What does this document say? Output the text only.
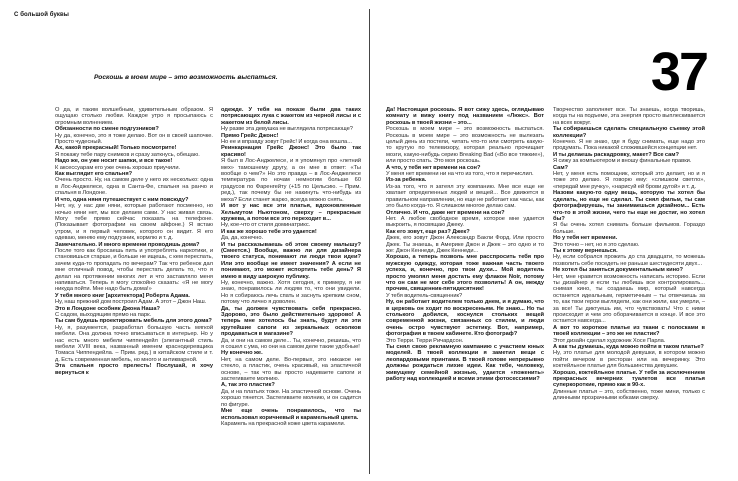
С большой буквы
Роскошь в моем мире – это возможность выспаться.	37

О да, и таким волшебным, удивительным образом. Я ощущаю столько любви. Каждое утро я просыпаюсь с огромным волнением.

Обязанности по смене подгузников?

Ну да, конечно, это я тоже делаю. Вот он в своей шапочке. Просто чудесный.

Ах, какой прекрасный! Только посмотрите!

Я покажу тебе пару снимков и сразу заткнусь, обещаю.

Надо же, он уже носит шапки, и все такое!

К аксессуарам его уже очень хорошо приучили.

Как выглядит его спальня?

Очень просто. Ну, на самом деле у него их несколько: одна в Лос-Анджелесе, одна в Санта-Фе, спальня на ранчо и спальня в Лондоне.

И что, одна няня путешествует с ним повсюду?

Нет, ну, у нас две няни, которые работают посменно, но ночью няни нет, мы все делаем сами. У нас живая связь. Могу тебе прямо сейчас показать на телефоне. (Показывает фотографии на своем айфоне.) Я встаю утром, и я первый человек, которого он видит. Я его одеваю, меняю ему подгузник, кормлю и т. д.

Замечательно. И много времени проводишь дома?

После того как бросаешь пить и употреблять наркотики, и становишься старше, и больше не ищешь, с кем переспать, зачем куда-то пропадать по вечерам? Так что ребенок дал мне отличный повод, чтобы перестать делать то, что я делал на протяжении многих лет и что заставляло меня напиваться. Теперь я могу спокойно сказать: «Я не могу никуда пойти. Мне надо быть дома!»

У тебя много книг [архитектора] Роберта Адама.

Ну, наш прежний дом построил Адам. А этот – Джон Наш.

Это в Лондоне особняк Джона Наша?

С садом, выходящим прямо на парк.

Ты сам будешь проектировать мебель для этого дома?

Ну, я, разумеется, разработал большую часть мягкой мебели. Она должна точно вписываться в интерьер. Но у нас есть много мебели чиппендейл (элегантный стиль мебели XVIII века, названный именем краснодеревщика Томаса Чиппендейла. – Прим. ред.) в китайском стиле и т. д. Есть современная мебель, но много и антикварной.

Эта спальня просто прелесть! Послушай, я хочу вернуться к

одежде. У тебя на показе были два таких потрясающих лука с жакетом из черной лисы и с жакетом из белой лисы.

Ну разве эта девушка не выглядела потрясающе?

Прямо Грейс Джонс!

Но ее и вправду зовут Грейс! И когда она вошла...

Реинкарнация Грейс Джонс! Это было так красиво!

Я был в Лос-Анджелесе, и я упомянул про «летний мех» тамошнему другу, а он мне в ответ: «Ты вообще о чем?» Но это правда – в Лос-Анджелесе температура по ночам немногим больше 60 градусов по Фаренгейту (+15 по Цельсию. – Прим. ред.), так почему бы не накинуть что-нибудь из меха? Если станет жарко, всегда можно снять.

И вот у нас все эти платья, вдохновленные Хельмутом Ньютоном, сверху – прекрасные кружева, а потом все это переходит в...

Ну, кое-что от стиля доминатрикс.

И как же хорошо тебе это удается!

Да, да, конечно.

И ты рассказываешь об этом своему малышу? (Смеется.) Вообще, важно ли для дизайнера твоего статуса, понимают ли люди твои идеи? Или это вообще не имеет значения? А если не понимают, это может испортить тебе день? Я имею в виду широкую публику.

Ну, конечно, важно. Хотя сегодня, к примеру, я не знаю, понравилось ли людям то, что они увидели. Но я собираюсь лечь спать и заснуть крепким сном, потому что лично я доволен.

Да, ты должен чувствовать себя прекрасно. Здорово, это было действительно здорово! А теперь мне хотелось бы знать, будут ли эти крутейшие сапоги из зеркальных осколков продаваться в магазине?

Да, и они на самом деле... Ты, конечно, решишь, что я сошел с ума, но они на самом деле такие удобные!

Ну конечно же.

Нет, на самом деле. Во-первых, это никакое не стекло, а пластик, очень красивый, на эластичной основе, – так что вы просто надеваете сапоги и застегиваете молнию.

А, так это пластик?

Да, и на платьях тоже. На эластичной основе. Очень хорошо тянется. Застегиваете молнию, и он садится по фигуре.

Мне еще очень понравилось, что ты использовал коричневый и карамельный цвета.

Карамель на прекрасной коже цвета карамели.

Да! Настоящая роскошь. Я вот сижу здесь, оглядываю комнату и вижу книгу под названием «Люкс». Вот роскошь в твоей жизни – это...

Роскошь в моем мире – это возможность выспаться. Роскошь в моем мире – это возможность не вылезать целый день из постели, читать что-то или смотреть какую-то крутую по телевизору, которая реально прочищает мозги, какую-нибудь серию Breaking Bad («Во все тяжкие»), или просто спать. Это моя роскошь.

А что, у тебя нет времени на сон?

У меня нет времени ни на что из того, что я перечислил.

Из-за ребенка.

Из-за того, что я затеял эту компанию. Мне все еще не хватает определенных людей и вещей... Все движется в правильном направлении, но еще не работает как часы, как это было когда-то. Я слишком многое делаю сам.

Отлично. И что, даже нет времени на сон?

Нет. А любое свободное время, которое мне удается выкроить, я посвящаю Джеку.

Как его зовут, еще раз? Джек?

Джек, его зовут Джон Александр Бакли Форд. Или просто Джек. Ты знаешь, в Америке Джон и Джек – это одно и то же: Джон Кеннеди, Джек Кеннеди...

Хорошо, а теперь позволь мне расспросить тебя про мужскую одежду, которая тоже важная часть твоего успеха, и, конечно, про твои духи... Мой водитель просто умолял меня достать ему флакон Noir, потому что он сам не мог себе этого позволить! А он, между прочим, священник-пятидесятник!

У тебя водитель-священник?

Ну, он работает водителем только днем, и я думаю, что в церковь он ходит по воскресеньям. Не знаю... Но ты столького добился, коснулся стольких вещей современной жизни, связанных со стилем, и люди очень остро чувствуют эстетику. Вот, например, фотография в твоем кабинете. Кто фотограф?

Это Терри. Терри Ричардсон.

Ты снял свою рекламную кампанию с участием юных моделей. В твоей коллекции я заметил вещи с леопардовыми принтами. В твоей голове непрерывно должны рождаться лихие идеи. Как тебе, человеку, живущему семейной жизнью, удается «поженить» работу над коллекцией и всеми этими фотосессиями?

Творчество заполняет все. Ты знаешь, когда творишь, когда ты на подъеме, эта энергия просто выплескивается на всех вокруг.

Ты собираешься сделать специальную съемку этой коллекции?

Конечно. Я не знаю, где я буду снимать, еще надо это продумать. Пока никакой сложившейся концепции нет.

И ты делаешь раскадровку, макет? Все сам?

Я сижу за компьютером и вношу финальные правки.

Сам?

Нет, у меня есть помощник, который это делает, но и я тоже это делаю. Я говорю ему: «слишком светло», «передай мне ручку», «нарисуй ей брови дугой» и т. д.

Назови какую-то одну вещь, которую ты хотел бы сделать, но еще не сделал. Ты снял фильм, ты сам фотографируешь, ты занимаешься дизайном... Есть что-то в этой жизни, чего ты еще не достиг, но хотел бы?

Я бы очень хотел снимать больше фильмов. Гораздо больше.

Но у тебя нет времени.

Это точно – нет, но я это сделаю.

Ты к этому вернешься.

Ну, если собрался прожить до ста двадцати, то можешь позволить себе поседеть не раньше шестидесяти двух...

Не хотел бы заняться документальным кино?

Нет, мне нравится возможность написать историю. Если ты дизайнер и если ты любишь все контролировать... снимая кино, ты создаешь мир, который навсегда останется идеальным, герметичным – ты отвечаешь за то, как твои герои выглядели, как они жили, как умерли, – за все! Ты диктуешь им, что чувствовать! Что с ними происходит и чем это оборачивается в конце. И все это остается навсегда...

А вот то короткое платье из ткани с полосками в твоей коллекции – это же не пластик?

Этот дизайн сделал художник Хосе Парла.

А как ты думаешь, куда можно пойти в таком платье?

Ну, это платье для молодой девушки, в котором можно пойти вечером в ресторан или на вечеринку. Это коктейльное платье для большинства девушек.

Хорошо, коктейльное платье. У тебя за исключением прекрасных вечерних туалетов все платья суперкороткие, прямо как в 90-х.

Длинные платья – это, собственно, тоже мини, только с длинными прозрачными юбками сверху.
